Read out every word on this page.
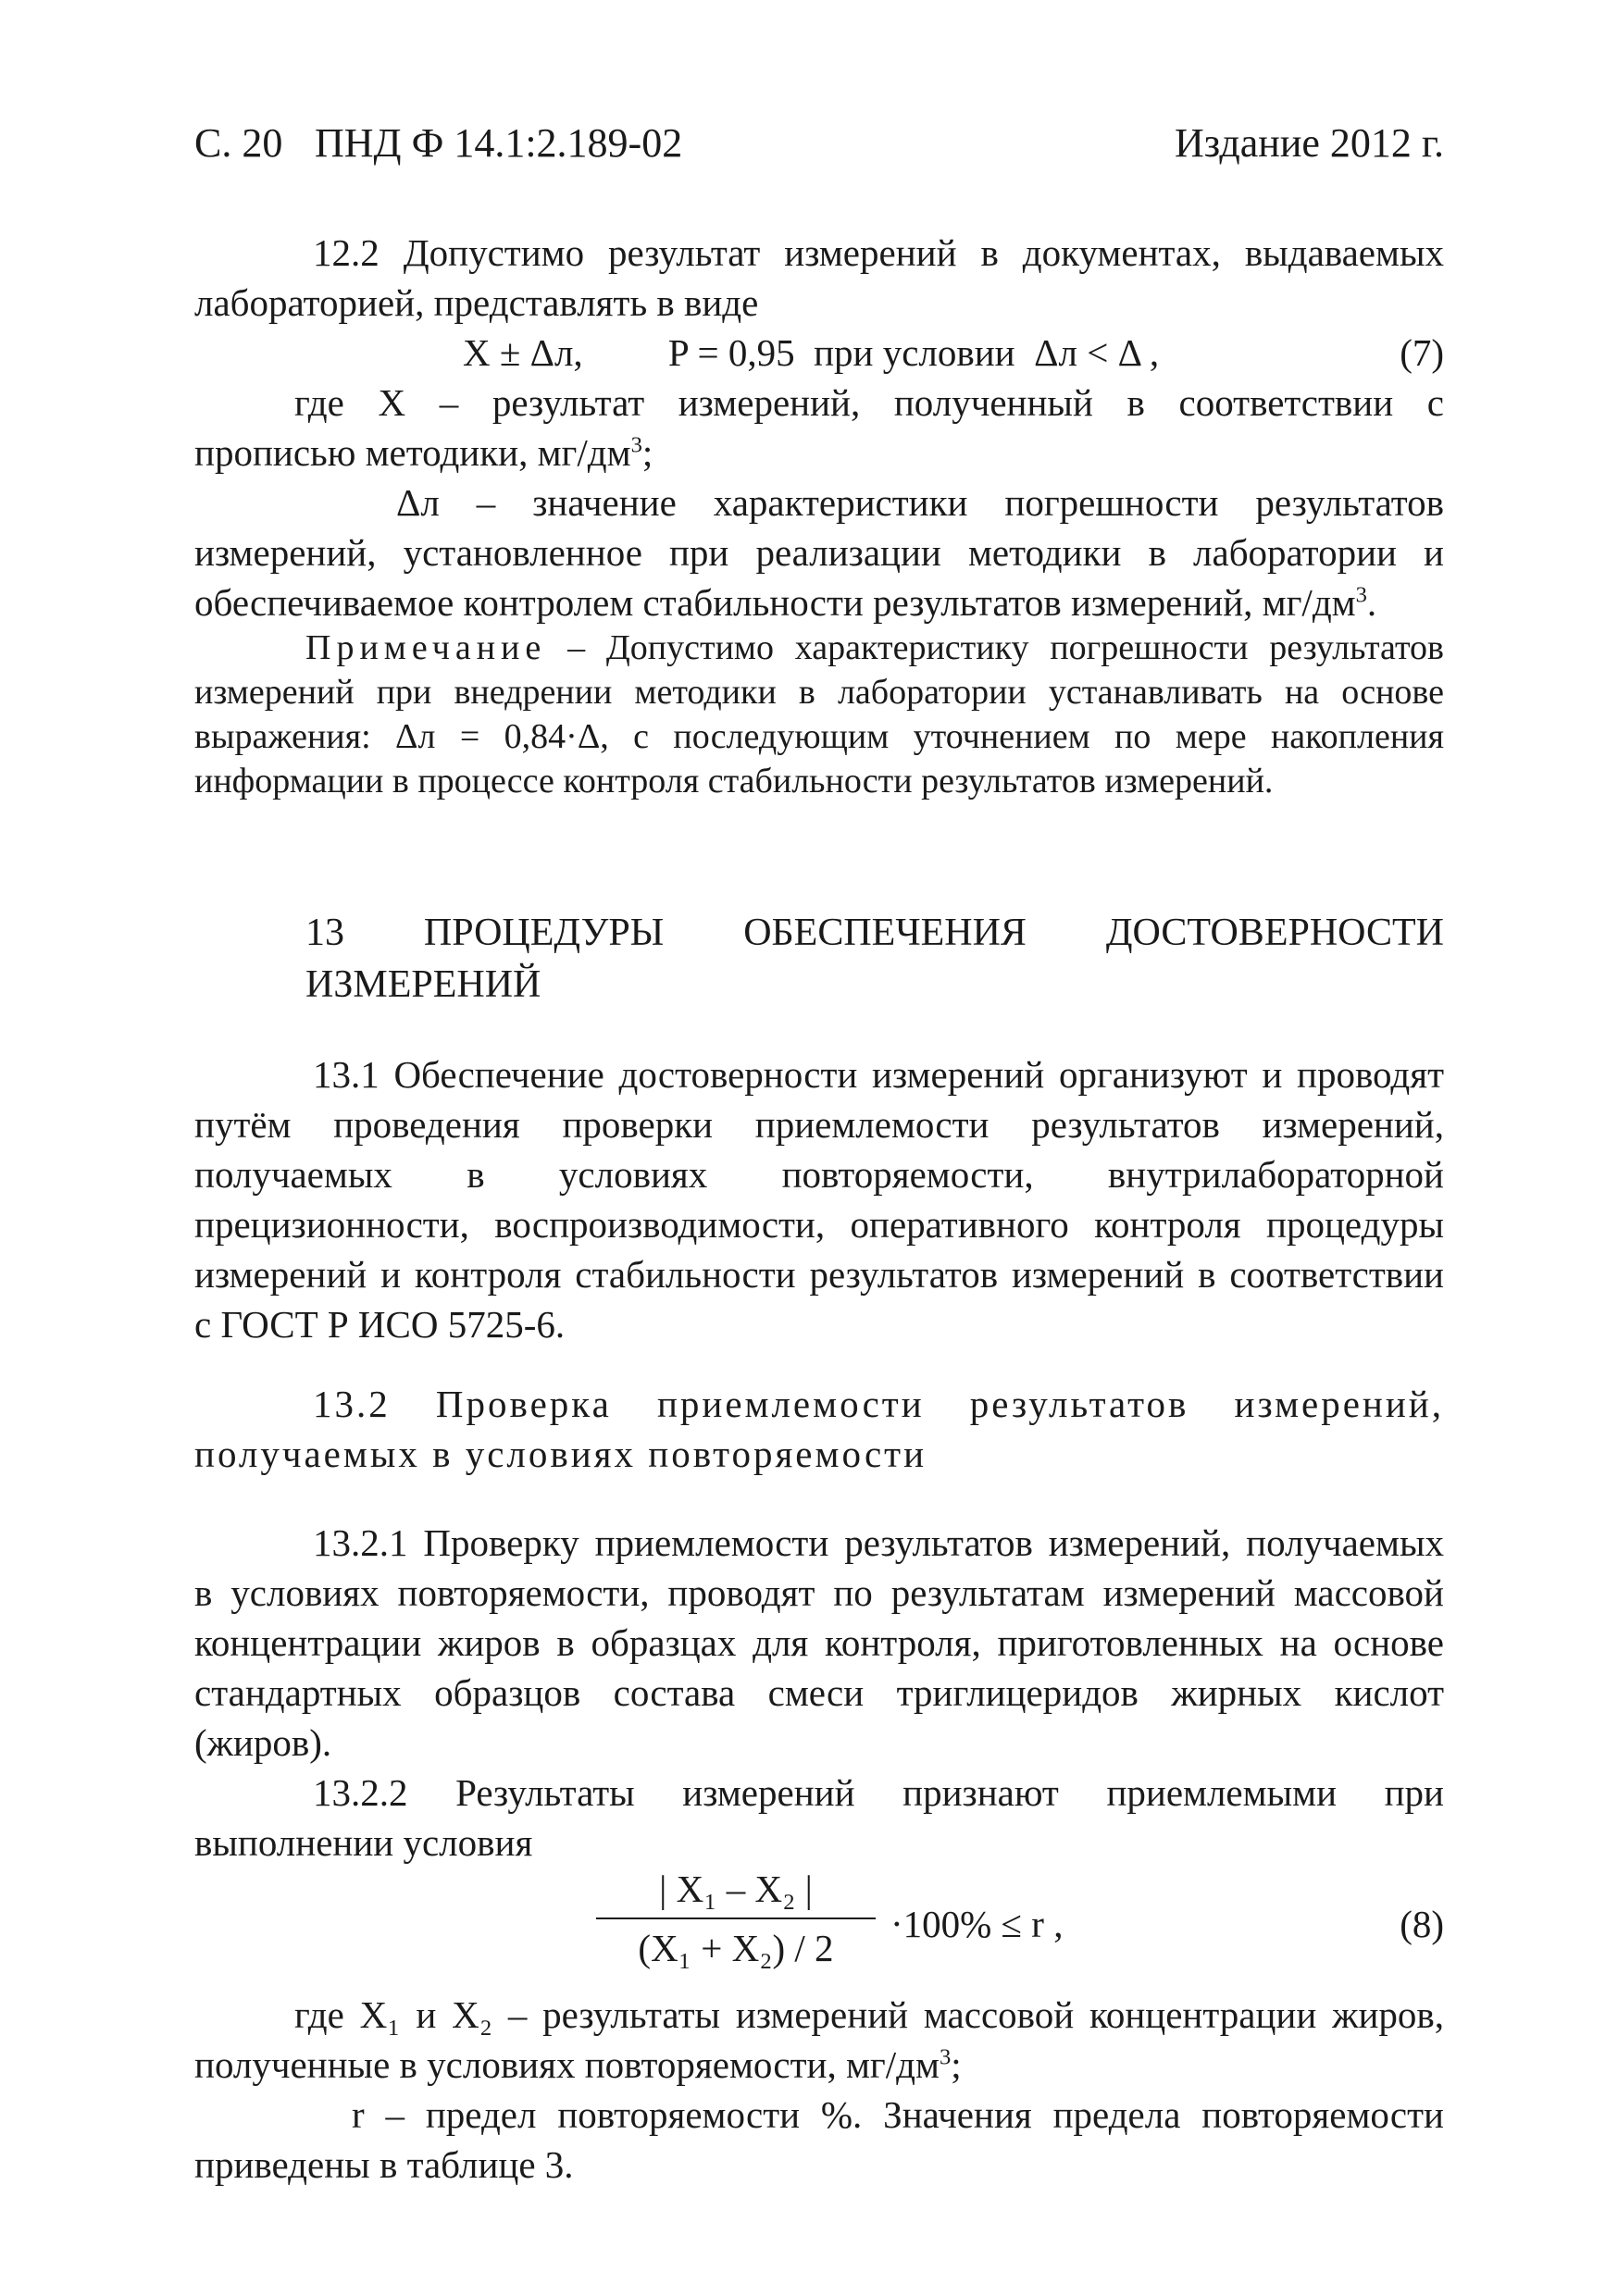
С. 20 ПНД Ф 14.1:2.189-02	Издание 2012 г.
12.2 Допустимо результат измерений в документах, выдаваемых
лабораторией, представлять в виде
X ± Δл,         P = 0,95  при условии  Δл < Δ ,	(7)
где X – результат измерений, полученный в соответствии с
прописью методики, $мг/дм^3$;
Δл – значение характеристики погрешности результатов
измерений, установленное при реализации методики в лаборатории и
обеспечиваемое контролем стабильности результатов измерений, $мг/дм^3$.
Примечание – Допустимо характеристику погрешности результатов
измерений при внедрении методики в лаборатории устанавливать на основе
выражения:  Δл  =  0,84·Δ,  с  последующим  уточнением  по  мере  накопления
информации в процессе контроля стабильности результатов измерений.
13 ПРОЦЕДУРЫ ОБЕСПЕЧЕНИЯ ДОСТОВЕРНОСТИ
ИЗМЕРЕНИЙ
13.1 Обеспечение достоверности измерений организуют и проводят
путём проведения проверки приемлемости результатов измерений,
получаемых в условиях повторяемости, внутрилабораторной
прецизионности, воспроизводимости, оперативного контроля процедуры
измерений и контроля стабильности результатов измерений в соответствии
с ГОСТ Р ИСО 5725-6.
13.2 Проверка приемлемости результатов измерений,
получаемых в условиях повторяемости
13.2.1 Проверку приемлемости результатов измерений, получаемых
в условиях повторяемости, проводят по результатам измерений массовой
концентрации жиров в образцах для контроля, приготовленных на основе
стандартных образцов состава смеси триглицеридов жирных кислот
(жиров).
13.2.2 Результаты измерений признают приемлемыми при
выполнении условия
| X₁ – X₂ |
(X₁ + X₂) / 2
·100% ≤ r ,	(8)
где X₁ и X₂ – результаты измерений массовой концентрации жиров,
полученные в условиях повторяемости, $мг/дм^3$;
r – предел повторяемости %. Значения предела повторяемости
приведены в таблице 3.
